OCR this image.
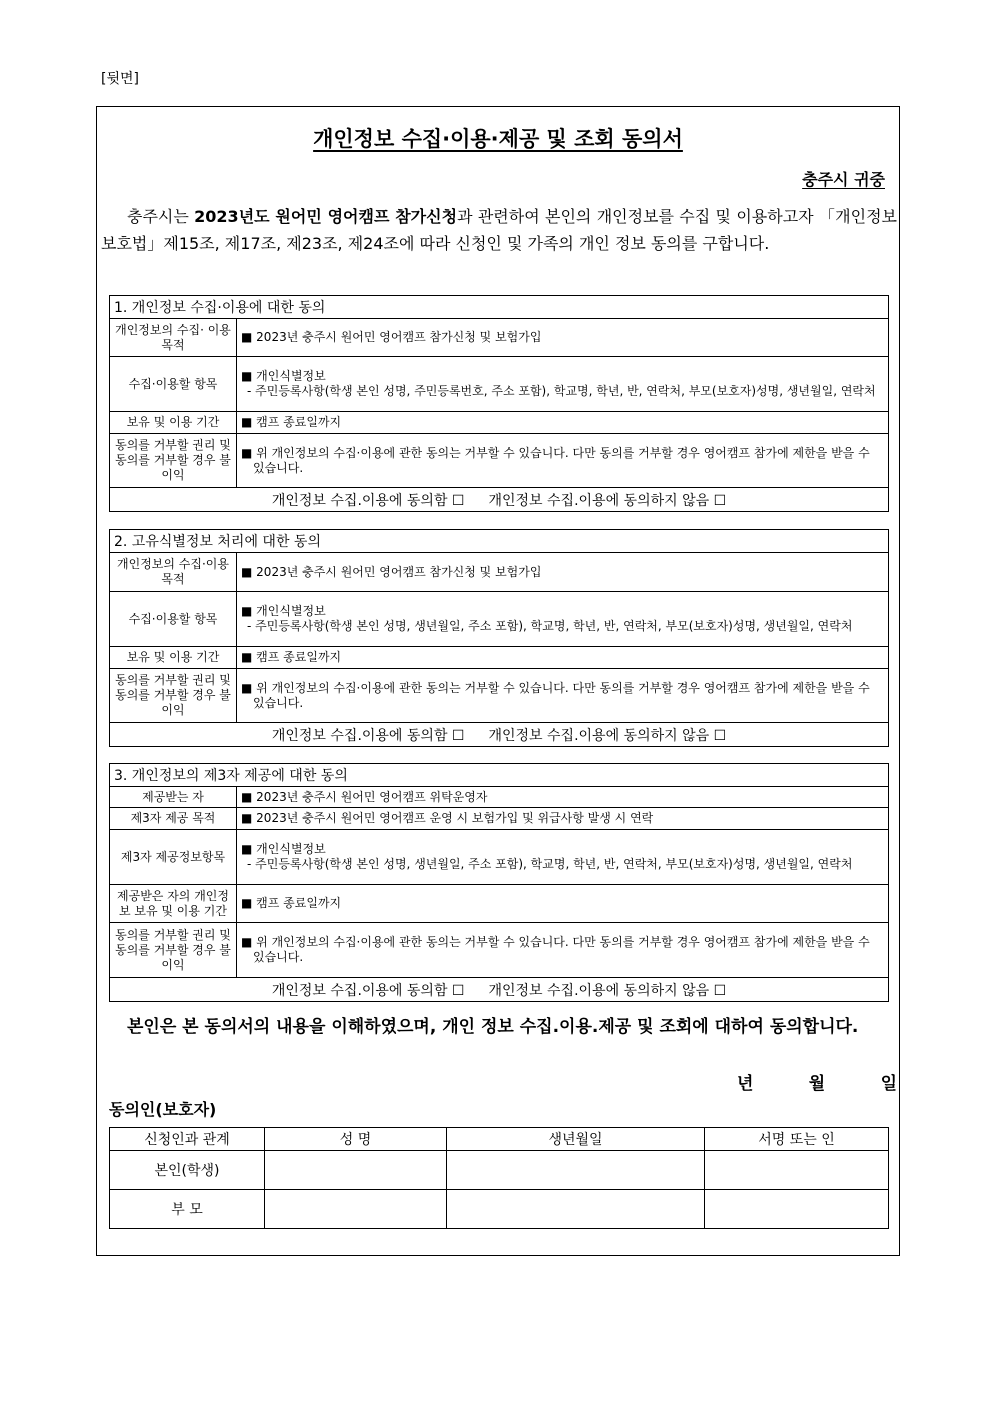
[뒷면]
개인정보 수집·이용·제공 및 조회 동의서
충주시 귀중
충주시는 2023년도 원어민 영어캠프 참가신청과 관련하여 본인의 개인정보를 수집 및 이용하고자 「개인정보 보호법」제15조, 제17조, 제23조, 제24조에 따라 신청인 및 가족의 개인 정보 동의를 구합니다.
1. 개인정보 수집·이용에 대한 동의	
개인정보의 수집· 이용목적	■ 2023년 충주시 원어민 영어캠프 참가신청 및 보험가입
수집·이용할 항목	■ 개인식별정보
- 주민등록사항(학생 본인 성명, 주민등록번호, 주소 포함), 학교명, 학년, 반, 연락처, 부모(보호자)성명, 생년월일, 연락처
보유 및 이용 기간	■ 캠프 종료일까지
동의를 거부할 권리 및 동의를 거부할 경우 불이익	■ 위 개인정보의 수집·이용에 관한 동의는 거부할 수 있습니다. 다만 동의를 거부할 경우 영어캠프 참가에 제한을 받을 수 있습니다.

개인정보 수집.이용에 동의함 ☐ 개인정보 수집.이용에 동의하지 않음 ☐	
2. 고유식별정보 처리에 대한 동의	
개인정보의 수집·이용목적	■ 2023년 충주시 원어민 영어캠프 참가신청 및 보험가입
수집·이용할 항목	■ 개인식별정보
- 주민등록사항(학생 본인 성명, 생년월일, 주소 포함), 학교명, 학년, 반, 연락처, 부모(보호자)성명, 생년월일, 연락처
보유 및 이용 기간	■ 캠프 종료일까지
동의를 거부할 권리 및 동의를 거부할 경우 불이익	■ 위 개인정보의 수집·이용에 관한 동의는 거부할 수 있습니다. 다만 동의를 거부할 경우 영어캠프 참가에 제한을 받을 수 있습니다.

개인정보 수집.이용에 동의함 ☐ 개인정보 수집.이용에 동의하지 않음 ☐	
3. 개인정보의 제3자 제공에 대한 동의	
제공받는 자	■ 2023년 충주시 원어민 영어캠프 위탁운영자
제3자 제공 목적	■ 2023년 충주시 원어민 영어캠프 운영 시 보험가입 및 위급사항 발생 시 연락
제3자 제공정보항목	■ 개인식별정보
- 주민등록사항(학생 본인 성명, 생년월일, 주소 포함), 학교명, 학년, 반, 연락처, 부모(보호자)성명, 생년월일, 연락처
제공받은 자의 개인정보 보유 및 이용 기간	■ 캠프 종료일까지
동의를 거부할 권리 및 동의를 거부할 경우 불이익	■ 위 개인정보의 수집·이용에 관한 동의는 거부할 수 있습니다. 다만 동의를 거부할 경우 영어캠프 참가에 제한을 받을 수 있습니다.

개인정보 수집.이용에 동의함 ☐ 개인정보 수집.이용에 동의하지 않음 ☐	
본인은 본 동의서의 내용을 이해하였으며, 개인 정보 수집.이용.제공 및 조회에 대하여 동의합니다.
년	월	일
동의인(보호자)
신청인과 관계	성 명	생년월일	서명 또는 인
본인(학생)			
부 모			
